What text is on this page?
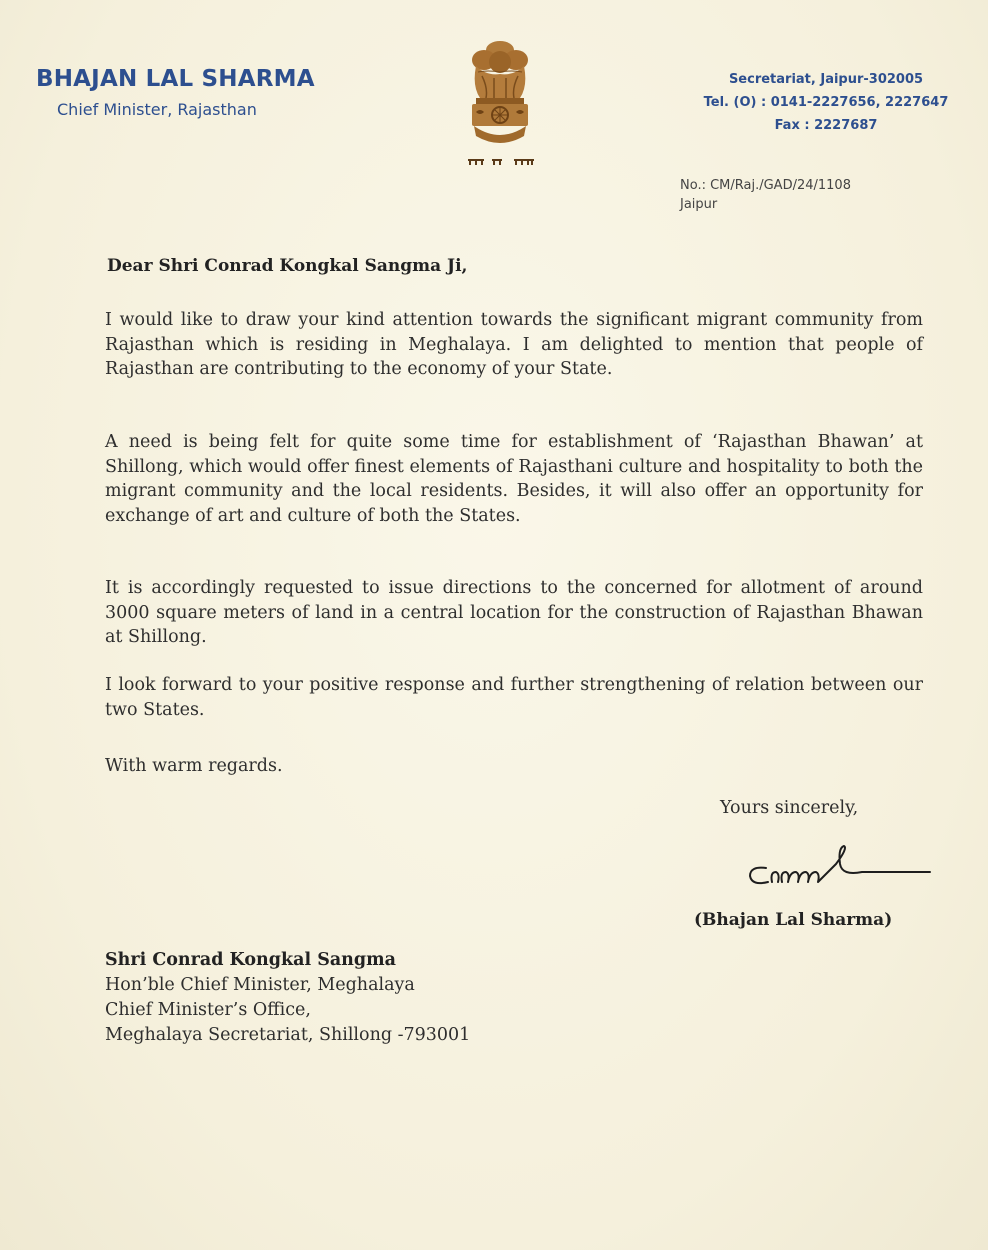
BHAJAN LAL SHARMA
Chief Minister, Rajasthan
Secretariat, Jaipur-302005
Tel. (O) : 0141-2227656, 2227647
Fax : 2227687
No.: CM/Raj./GAD/24/1108
Jaipur
Dear Shri Conrad Kongkal Sangma Ji,

I would like to draw your kind attention towards the significant migrant community from Rajasthan which is residing in Meghalaya. I am delighted to mention that people of Rajasthan are contributing to the economy of your State.

A need is being felt for quite some time for establishment of ‘Rajasthan Bhawan’ at Shillong, which would offer finest elements of Rajasthani culture and hospitality to both the migrant community and the local residents. Besides, it will also offer an opportunity for exchange of art and culture of both the States.

It is accordingly requested to issue directions to the concerned for allotment of around 3000 square meters of land in a central location for the construction of Rajasthan Bhawan at Shillong.

I look forward to your positive response and further strengthening of relation between our two States.

With warm regards.
Yours sincerely,
(Bhajan Lal Sharma)
Shri Conrad Kongkal Sangma
Hon’ble Chief Minister, Meghalaya
Chief Minister’s Office,
Meghalaya Secretariat, Shillong -793001
